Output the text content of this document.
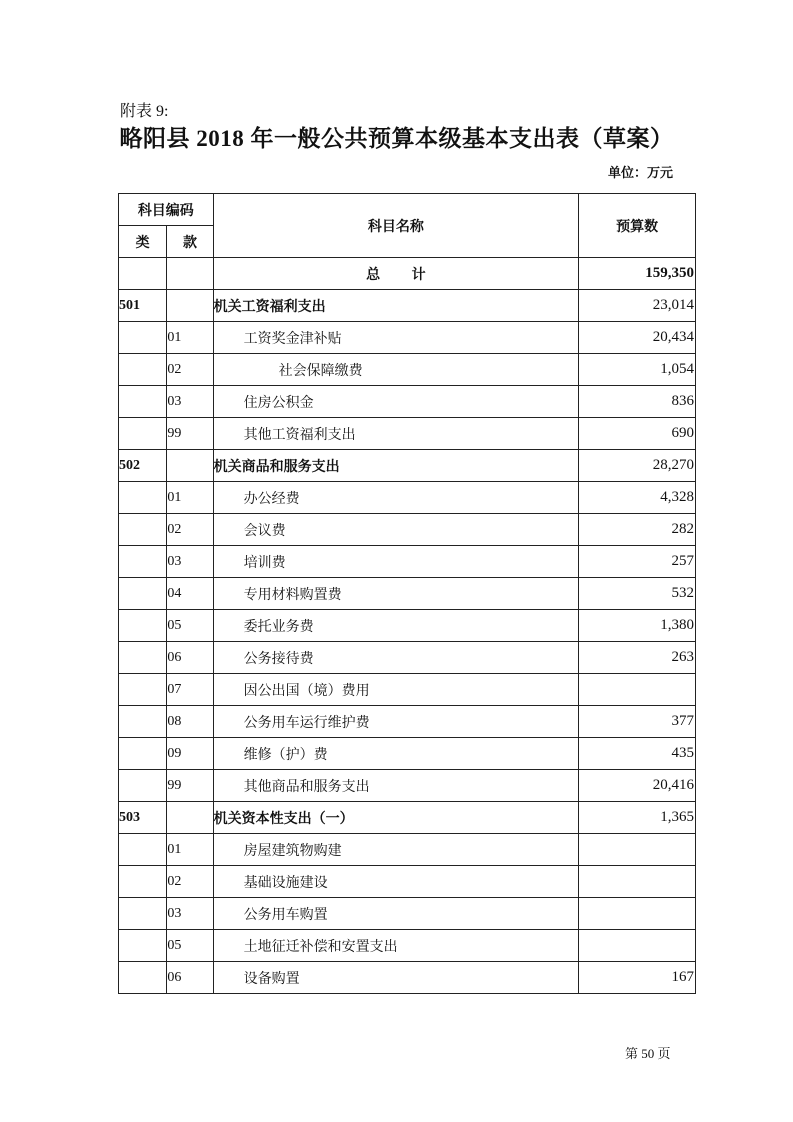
附表 9:
略阳县 2018 年一般公共预算本级基本支出表（草案）
单位：万元
科目编码		科目名称	预算数
类	款		
		总 计	159,350
501		机关工资福利支出	23,014
	01	工资奖金津补贴	20,434
	02	社会保障缴费	1,054
	03	住房公积金	836
	99	其他工资福利支出	690
502		机关商品和服务支出	28,270
	01	办公经费	4,328
	02	会议费	282
	03	培训费	257
	04	专用材料购置费	532
	05	委托业务费	1,380
	06	公务接待费	263
	07	因公出国（境）费用	
	08	公务用车运行维护费	377
	09	维修（护）费	435
	99	其他商品和服务支出	20,416
503		机关资本性支出（一）	1,365
	01	房屋建筑物购建	
	02	基础设施建设	
	03	公务用车购置	
	05	土地征迁补偿和安置支出	
	06	设备购置	167
第 50 页
